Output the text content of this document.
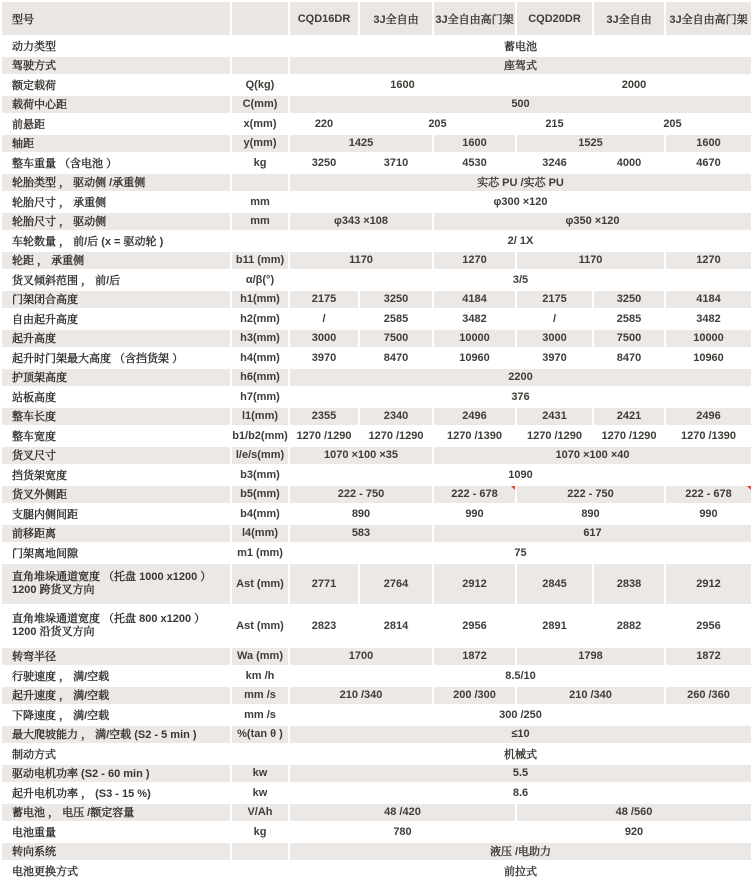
型号		CQD16DR	3J全自由	3J全自由高门架	CQD20DR	3J全自由	3J全自由高门架
动力类型		蓄电池					
驾驶方式		座驾式					
额定载荷	Q(kg)	1600			2000		
载荷中心距	C(mm)	500					
前悬距	x(mm)	220	205		215	205	
轴距	y(mm)	1425		1600	1525		1600
整车重量 （含电池 ）	kg	3250	3710	4530	3246	4000	4670
轮胎类型 ， 驱动侧 /承重侧		实芯 PU /实芯 PU					
轮胎尺寸 ， 承重侧	mm	φ300 ×120					
轮胎尺寸 ， 驱动侧	mm	φ343 ×108		φ350 ×120			
车轮数量 ， 前/后 (x = 驱动轮 )		2/ 1X					
轮距 ， 承重侧	b11 (mm)	1170		1270	1170		1270
货叉倾斜范围 ， 前/后	α/β(°)	3/5					
门架闭合高度	h1(mm)	2175	3250	4184	2175	3250	4184
自由起升高度	h2(mm)	/	2585	3482	/	2585	3482
起升高度	h3(mm)	3000	7500	10000	3000	7500	10000
起升时门架最大高度 （含挡货架 ）	h4(mm)	3970	8470	10960	3970	8470	10960
护顶架高度	h6(mm)	2200					
站板高度	h7(mm)	376					
整车长度	l1(mm)	2355	2340	2496	2431	2421	2496
整车宽度	b1/b2(mm)	1270 /1290	1270 /1290	1270 /1390	1270 /1290	1270 /1290	1270 /1390
货叉尺寸	l/e/s(mm)	1070 ×100 ×35		1070 ×100 ×40			
挡货架宽度	b3(mm)	1090					
货叉外侧距	b5(mm)	222 - 750		222 - 678	222 - 750		222 - 678

支腿内侧间距	b4(mm)	890		990	890		990
前移距离	l4(mm)	583		617			
门架离地间隙	m1 (mm)	75					

直角堆垛通道宽度 （托盘 1000 x1200 ）
1200 跨货叉方向	Ast (mm)	2771	2764	2912	2845	2838	2912

直角堆垛通道宽度 （托盘 800 x1200 ）
1200 沿货叉方向	Ast (mm)	2823	2814	2956	2891	2882	2956
转弯半径	Wa (mm)	1700		1872	1798		1872
行驶速度 ， 满/空载	km /h	8.5/10					
起升速度 ， 满/空载	mm /s	210 /340		200 /300	210 /340		260 /360
下降速度 ， 满/空载	mm /s	300 /250					
最大爬坡能力 ， 满/空载 (S2 - 5 min )	%(tan θ )	≤10					
制动方式		机械式					
驱动电机功率 (S2 - 60 min )	kw	5.5					
起升电机功率 ， (S3 - 15 %)	kw	8.6					
蓄电池 ， 电压 /额定容量	V/Ah	48 /420			48 /560		
电池重量	kg	780			920		
转向系统		液压 /电助力					
电池更换方式		前拉式					
